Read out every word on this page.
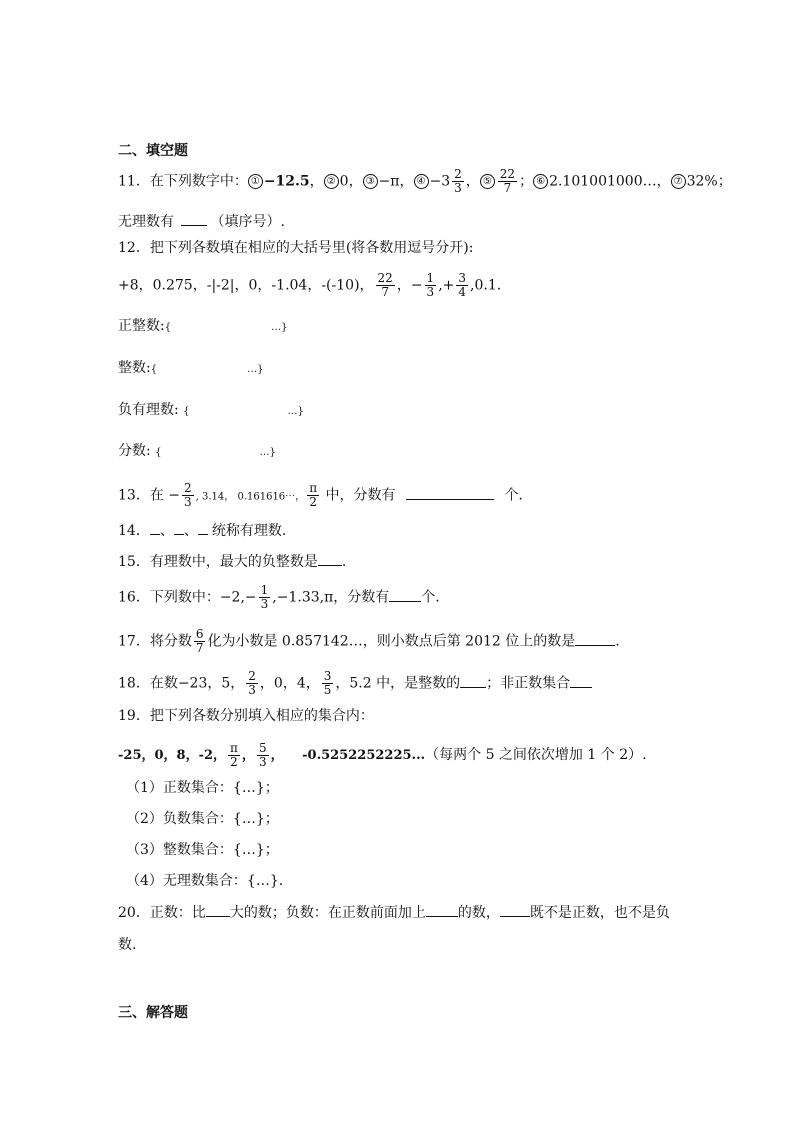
二、填空题
11．在下列数字中： ① −12.5， ② 0， ③ −π， ④ $-3 \frac{2}{3}$ ， ⑤ $\frac{22}{7}$ ； ⑥ 2.101001000…， ⑦ 32%；
无理数有	（填序号）.
12．把下列各数填在相应的大括号里(将各数用逗号分开):
+8，0.275，-|-2|，0，-1.04，-(-10)， $\frac{22}{7}$ ，− $\frac{1}{3}$ ,+ $\frac{3}{4} ,0.1$.
正整数:{	…}
整数:{	…}
负有理数: {	…}
分数: {	…}
13．在 − $\frac{2}{3}$ , 3.14， 0.161616⋯， $\frac{\pi}{2}$ 中，分数有	个.
14． 、 、 统称有理数.
15．有理数中，最大的负整数是 .
16．下列数中：$-2,- \frac{1}{3} ,-1.33,\pi$，分数有 个.
17．将分数 $\frac{6}{7}$ 化为小数是 0.857142…，则小数点后第 2012 位上的数是	.
18．在数−23，5， $\frac{2}{3}$ ，0，4， $\frac{3}{5}$ ，5.2 中，是整数的 ；非正数集合
19．把下列各数分别填入相应的集合内：
-25，0，8，-2， $\frac{\pi}{2}$ ， $\frac{5}{3}$ ， -0.5252252225...（每两个 5 之间依次增加 1 个 2）.
（1）正数集合：{…}；
（2）负数集合：{…}；
（3）整数集合：{…}；
（4）无理数集合：{…}.
20．正数：比 大的数；负数：在正数前面加上 的数， 既不是正数，也不是负
数.
三、解答题
